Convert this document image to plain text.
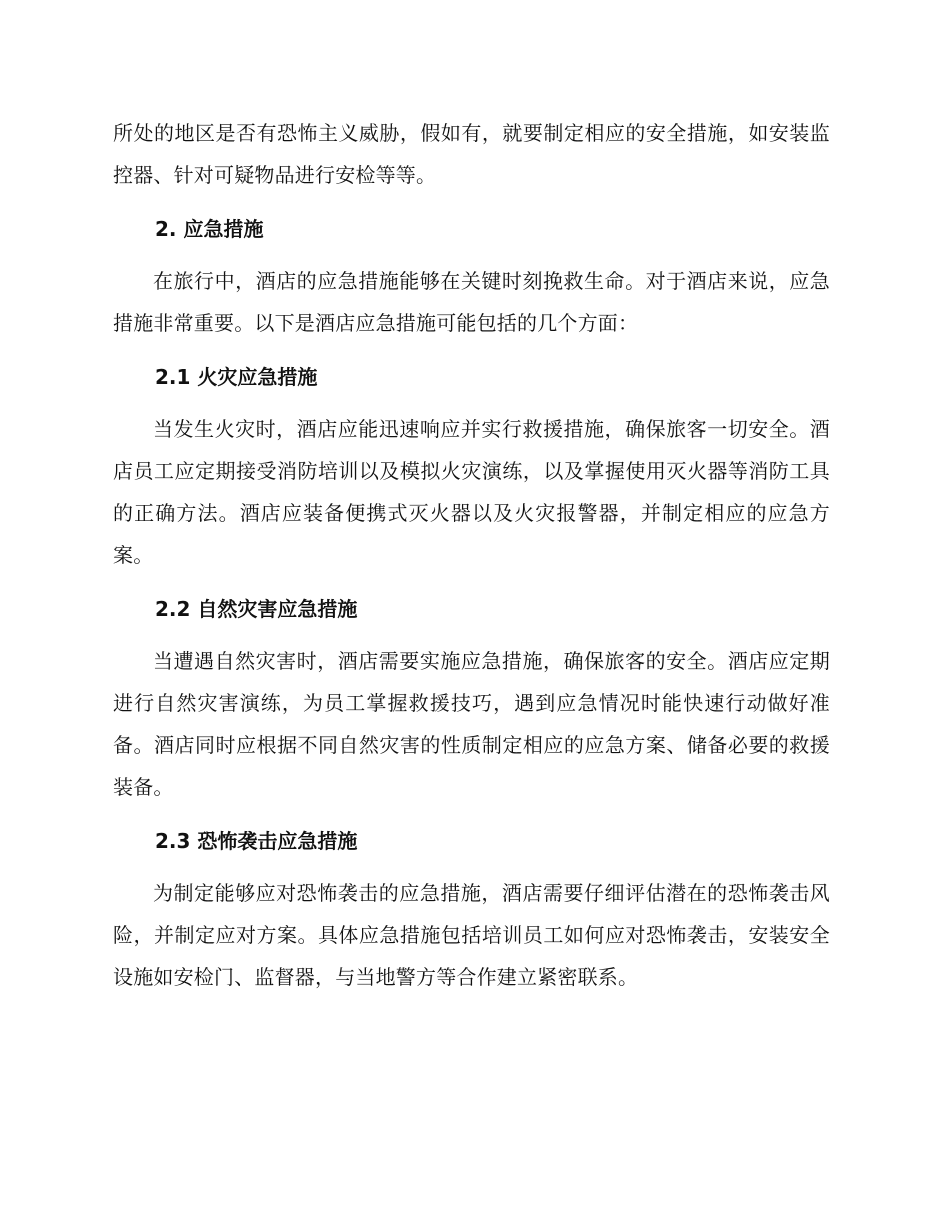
所处的地区是否有恐怖主义威胁，假如有，就要制定相应的安全措施，如安装监控器、针对可疑物品进行安检等等。

2. 应急措施

在旅行中，酒店的应急措施能够在关键时刻挽救生命。对于酒店来说，应急措施非常重要。以下是酒店应急措施可能包括的几个方面：

2.1 火灾应急措施

当发生火灾时，酒店应能迅速响应并实行救援措施，确保旅客一切安全。酒店员工应定期接受消防培训以及模拟火灾演练，以及掌握使用灭火器等消防工具的正确方法。酒店应装备便携式灭火器以及火灾报警器，并制定相应的应急方案。

2.2 自然灾害应急措施

当遭遇自然灾害时，酒店需要实施应急措施，确保旅客的安全。酒店应定期进行自然灾害演练，为员工掌握救援技巧，遇到应急情况时能快速行动做好准备。酒店同时应根据不同自然灾害的性质制定相应的应急方案、储备必要的救援装备。

2.3 恐怖袭击应急措施

为制定能够应对恐怖袭击的应急措施，酒店需要仔细评估潜在的恐怖袭击风险，并制定应对方案。具体应急措施包括培训员工如何应对恐怖袭击，安装安全设施如安检门、监督器，与当地警方等合作建立紧密联系。
